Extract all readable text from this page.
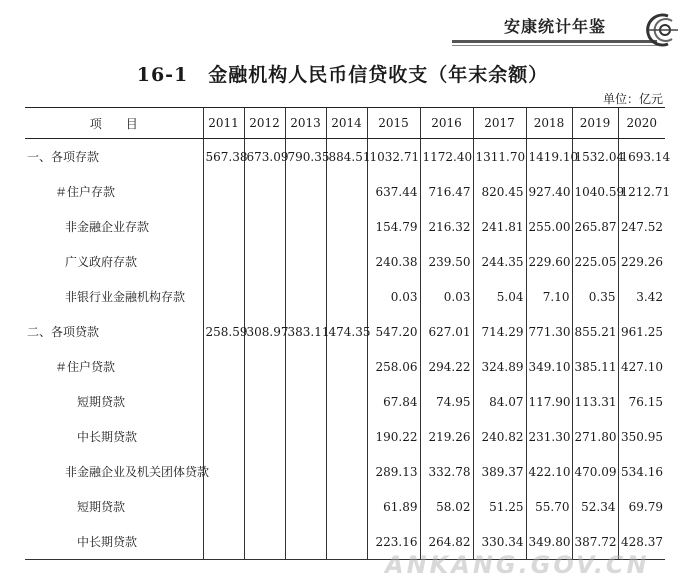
安康统计年鉴
16-1　金融机构人民币信贷收支（年末余额）
单位：亿元
项　　目	2011	2012	2013	2014	2015	2016	2017	2018	2019	2020
一、各项存款	567.38	673.09	790.35	884.51	1032.71	1172.40	1311.70	1419.10	1532.04	1693.14
＃住户存款					637.44	716.47	820.45	927.40	1040.59	1212.71
非金融企业存款					154.79	216.32	241.81	255.00	265.87	247.52
广义政府存款					240.38	239.50	244.35	229.60	225.05	229.26
非银行业金融机构存款					0.03	0.03	5.04	7.10	0.35	3.42
二、各项贷款	258.59	308.97	383.11	474.35	547.20	627.01	714.29	771.30	855.21	961.25
＃住户贷款					258.06	294.22	324.89	349.10	385.11	427.10
短期贷款					67.84	74.95	84.07	117.90	113.31	76.15
中长期贷款					190.22	219.26	240.82	231.30	271.80	350.95
非金融企业及机关团体贷款					289.13	332.78	389.37	422.10	470.09	534.16
短期贷款					61.89	58.02	51.25	55.70	52.34	69.79
中长期贷款					223.16	264.82	330.34	349.80	387.72	428.37
ANKANG.GOV.CN
